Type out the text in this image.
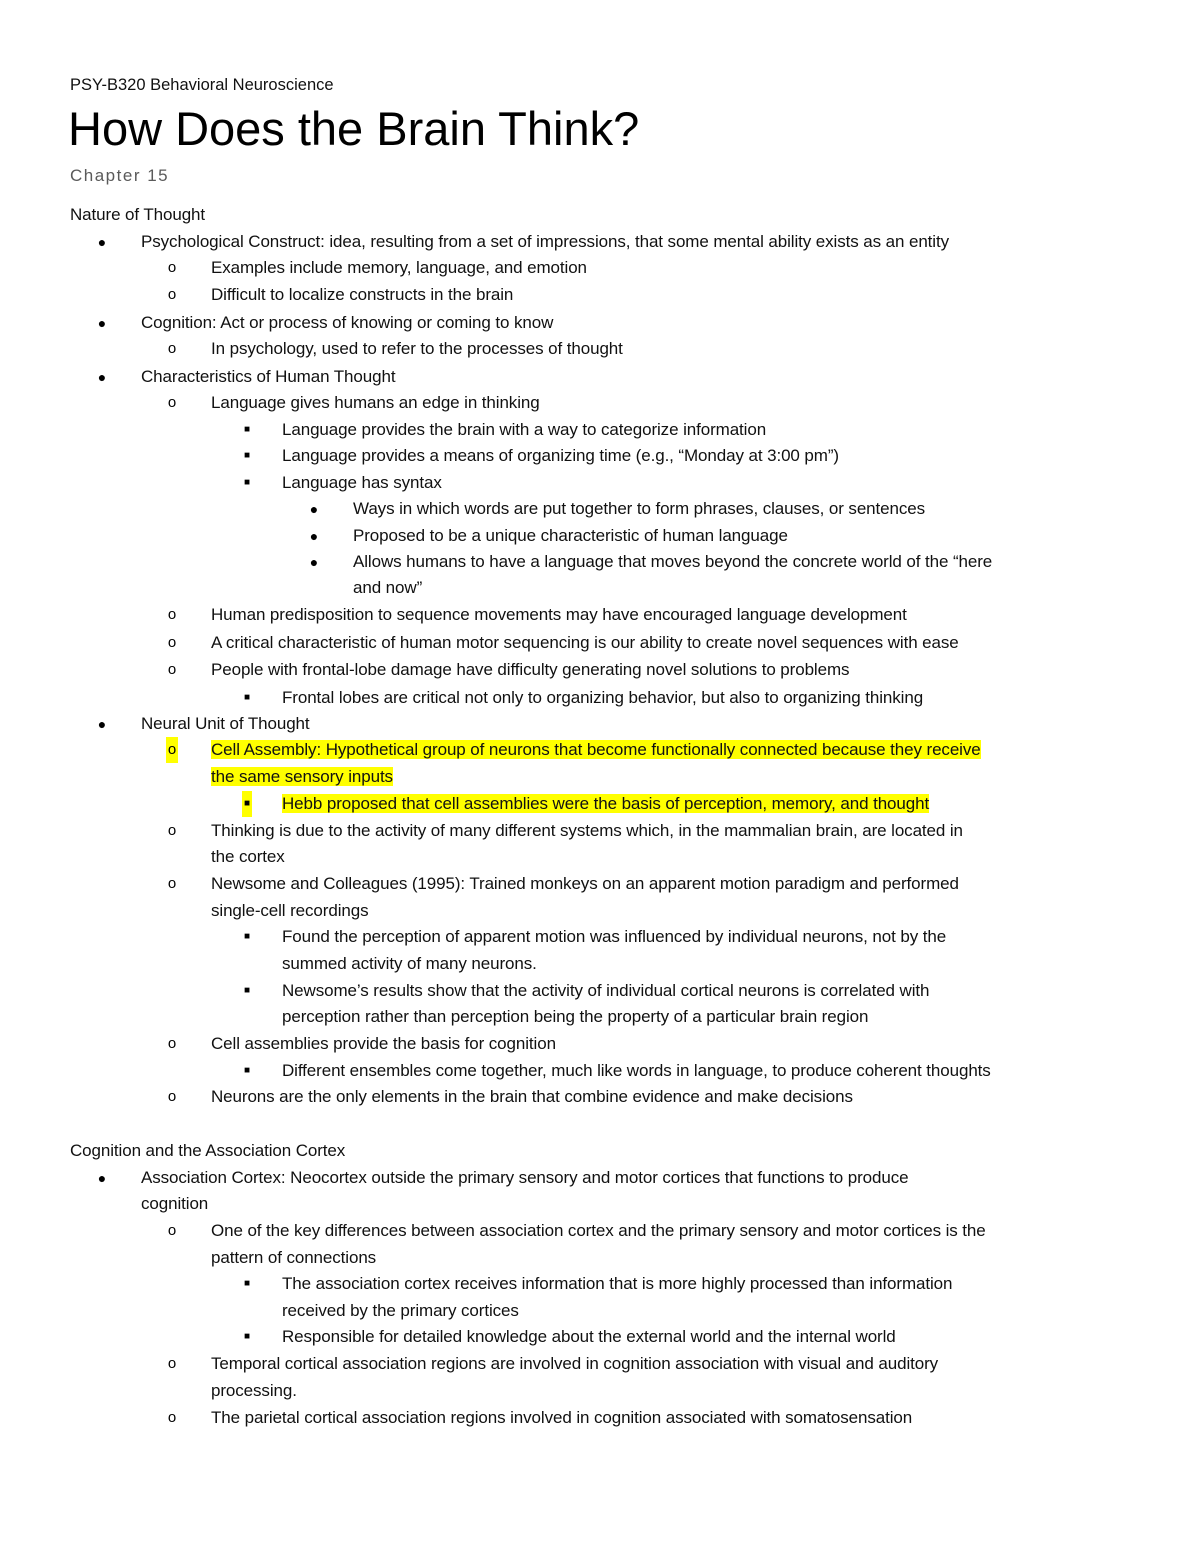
PSY-B320 Behavioral Neuroscience
How Does the Brain Think?
Chapter 15
Nature of Thought
● Psychological Construct: idea, resulting from a set of impressions, that some mental ability exists as an entity
o Examples include memory, language, and emotion
o Difficult to localize constructs in the brain
● Cognition: Act or process of knowing or coming to know
o In psychology, used to refer to the processes of thought
● Characteristics of Human Thought
o Language gives humans an edge in thinking
■ Language provides the brain with a way to categorize information
■ Language provides a means of organizing time (e.g., “Monday at 3:00 pm”)
■ Language has syntax
● Ways in which words are put together to form phrases, clauses, or sentences
● Proposed to be a unique characteristic of human language
● Allows humans to have a language that moves beyond the concrete world of the “here
and now”
o Human predisposition to sequence movements may have encouraged language development
o A critical characteristic of human motor sequencing is our ability to create novel sequences with ease
o People with frontal-lobe damage have difficulty generating novel solutions to problems
■ Frontal lobes are critical not only to organizing behavior, but also to organizing thinking
● Neural Unit of Thought
o Cell Assembly: Hypothetical group of neurons that become functionally connected because they receive
the same sensory inputs
■ Hebb proposed that cell assemblies were the basis of perception, memory, and thought
o Thinking is due to the activity of many different systems which, in the mammalian brain, are located in
the cortex
o Newsome and Colleagues (1995): Trained monkeys on an apparent motion paradigm and performed
single-cell recordings
■ Found the perception of apparent motion was influenced by individual neurons, not by the
summed activity of many neurons.
■ Newsome’s results show that the activity of individual cortical neurons is correlated with
perception rather than perception being the property of a particular brain region
o Cell assemblies provide the basis for cognition
■ Different ensembles come together, much like words in language, to produce coherent thoughts
o Neurons are the only elements in the brain that combine evidence and make decisions
Cognition and the Association Cortex
● Association Cortex: Neocortex outside the primary sensory and motor cortices that functions to produce
cognition
o One of the key differences between association cortex and the primary sensory and motor cortices is the
pattern of connections
■ The association cortex receives information that is more highly processed than information
received by the primary cortices
■ Responsible for detailed knowledge about the external world and the internal world
o Temporal cortical association regions are involved in cognition association with visual and auditory
processing.
o The parietal cortical association regions involved in cognition associated with somatosensation
